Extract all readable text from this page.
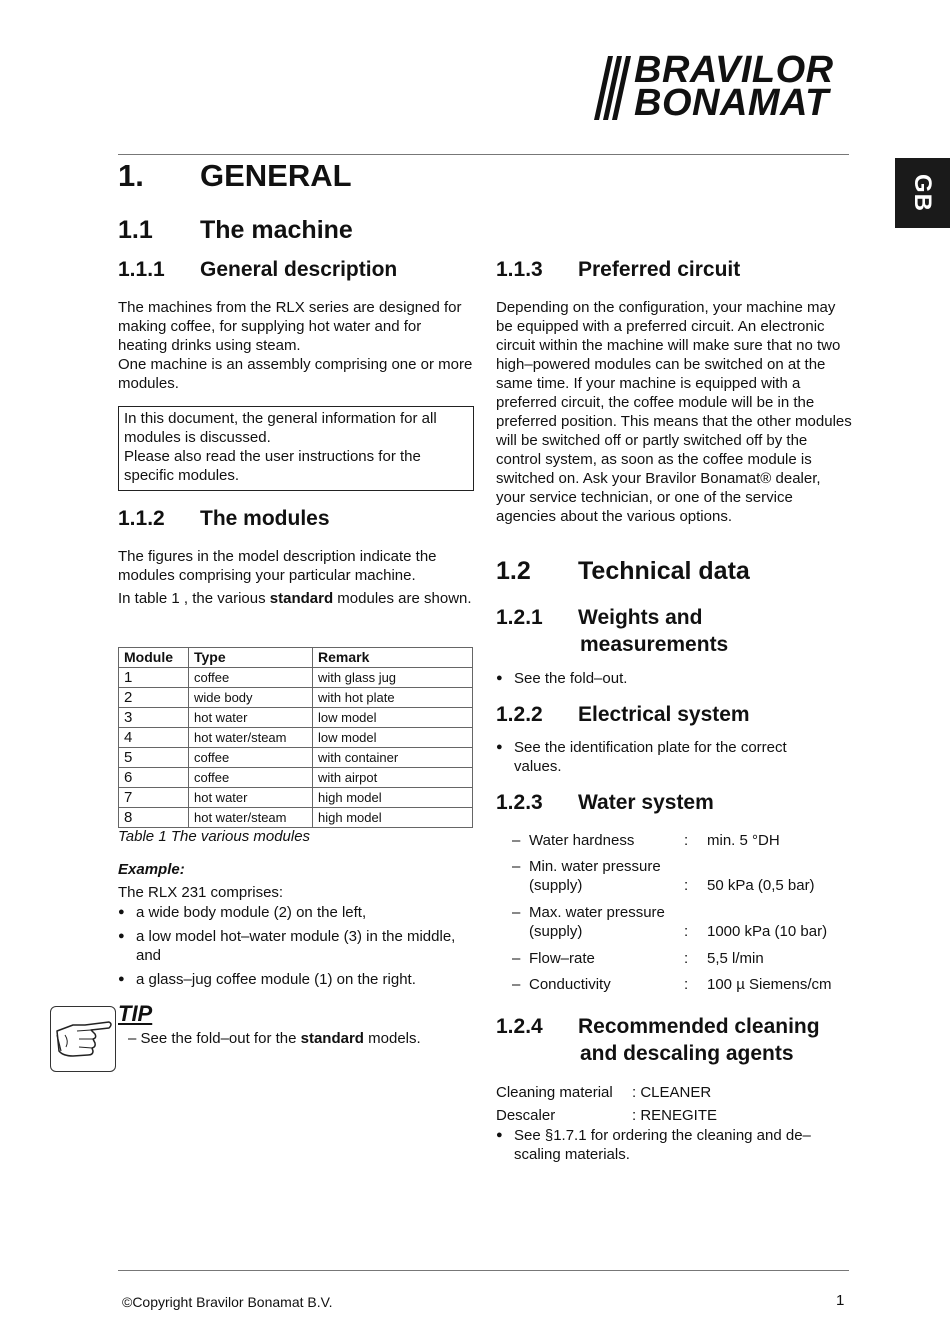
BRAVILOR
BONAMAT
GB
1. GENERAL
1.1 The machine
1.1.1 General description

The machines from the RLX series are designed for making coffee, for supplying hot water and for heating drinks using steam.

One machine is an assembly comprising one or more modules.

In this document, the general information for all modules is discussed.

Please also read the user instructions for the specific modules.

1.1.2 The modules

The figures in the model description indicate the modules comprising your particular machine.

In table 1 , the various standard modules are shown.

Module	Type	Remark
1	coffee	with glass jug
2	wide body	with hot plate
3	hot water	low model
4	hot water/steam	low model
5	coffee	with container
6	coffee	with airpot
7	hot water	high model
8	hot water/steam	high model
Table 1 The various modules
Example:
The RLX 231 comprises:
● a wide body module (2) on the left,
● a low model hot–water module (3) in the middle, and
● a glass–jug coffee module (1) on the right.
TIP
– See the fold–out for the standard models.
1.1.3 Preferred circuit
Depending on the configuration, your machine may be equipped with a preferred circuit. An electronic circuit within the machine will make sure that no two high–powered modules can be switched on at the same time. If your machine is equipped with a preferred circuit, the coffee module will be in the preferred position. This means that the other modules will be switched off or partly switched off by the control system, as soon as the coffee module is switched on. Ask your Bravilor Bonamat® dealer, your service technician, or one of the service agencies about the various options.
1.2 Technical data
1.2.1 Weights and
measurements
● See the fold–out.
1.2.2 Electrical system
● See the identification plate for the correct values.
1.2.3 Water system
– Water hardness	: min. 5 °DH
– Min. water pressure (supply)	: 50 kPa (0,5 bar)
– Max. water pressure (supply)	: 1000 kPa (10 bar)
– Flow–rate	: 5,5 l/min
– Conductivity	: 100 µ Siemens/cm
1.2.4 Recommended cleaning
and descaling agents
Cleaning material : CLEANER
Descaler	: RENEGITE
● See §1.7.1 for ordering the cleaning and de–scaling materials.
©Copyright Bravilor Bonamat B.V.	1
